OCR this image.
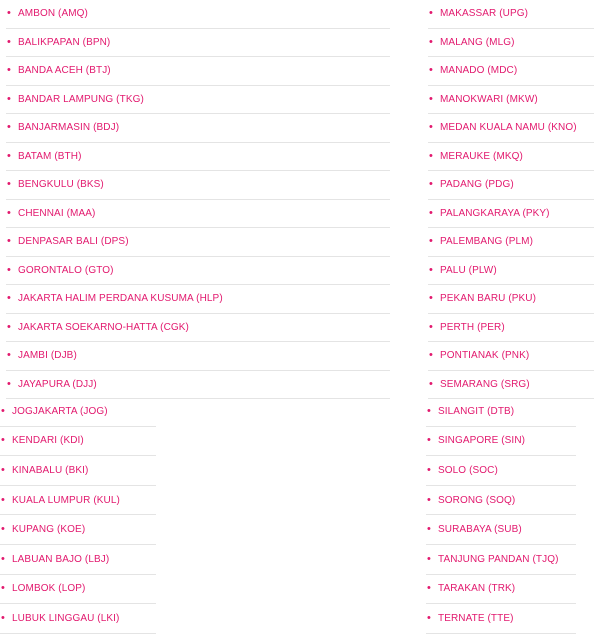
• AMBON (AMQ)
• BALIKPAPAN (BPN)
• BANDA ACEH (BTJ)
• BANDAR LAMPUNG (TKG)
• BANJARMASIN (BDJ)
• BATAM (BTH)
• BENGKULU (BKS)
• CHENNAI (MAA)
• DENPASAR BALI (DPS)
• GORONTALO (GTO)
• JAKARTA HALIM PERDANA KUSUMA (HLP)
• JAKARTA SOEKARNO-HATTA (CGK)
• JAMBI (DJB)
• JAYAPURA (DJJ)
• MAKASSAR (UPG)
• MALANG (MLG)
• MANADO (MDC)
• MANOKWARI (MKW)
• MEDAN KUALA NAMU (KNO)
• MERAUKE (MKQ)
• PADANG (PDG)
• PALANGKARAYA (PKY)
• PALEMBANG (PLM)
• PALU (PLW)
• PEKAN BARU (PKU)
• PERTH (PER)
• PONTIANAK (PNK)
• SEMARANG (SRG)
• JOGJAKARTA (JOG)
• KENDARI (KDI)
• KINABALU (BKI)
• KUALA LUMPUR (KUL)
• KUPANG (KOE)
• LABUAN BAJO (LBJ)
• LOMBOK (LOP)
• LUBUK LINGGAU (LKI)
• SILANGIT (DTB)
• SINGAPORE (SIN)
• SOLO (SOC)
• SORONG (SOQ)
• SURABAYA (SUB)
• TANJUNG PANDAN (TJQ)
• TARAKAN (TRK)
• TERNATE (TTE)
